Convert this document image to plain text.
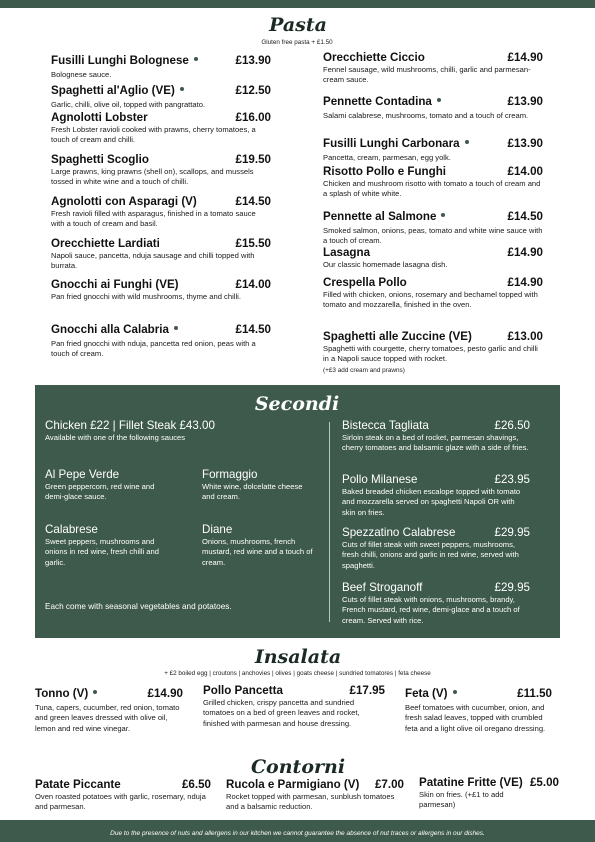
Pasta
Gluten free pasta + £1.50
Fusilli Lunghi Bolognese	£13.90
Bolognese sauce.
Spaghetti al'Aglio (VE)	£12.50
Garlic, chilli, olive oil, topped with pangrattato.
Agnolotti Lobster	£16.00
Fresh Lobster ravioli cooked with prawns, cherry tomatoes, a touch of cream and chilli.
Spaghetti Scoglio	£19.50
Large prawns, king prawns (shell on), scallops, and mussels tossed in white wine and a touch of chilli.
Agnolotti con Asparagi (V)	£14.50
Fresh ravioli filled with asparagus, finished in a tomato sauce with a touch of cream and basil.
Orecchiette Lardiati	£15.50
Napoli sauce, pancetta, nduja sausage and chilli topped with burrata.
Gnocchi ai Funghi (VE)	£14.00
Pan fried gnocchi with wild mushrooms, thyme and chilli.
Gnocchi alla Calabria	£14.50
Pan fried gnocchi with nduja, pancetta red onion, peas with a touch of cream.
Orecchiette Ciccio	£14.90
Fennel sausage, wild mushrooms, chilli, garlic and parmesan-cream sauce.
Pennette Contadina	£13.90
Salami calabrese, mushrooms, tomato and a touch of cream.
Fusilli Lunghi Carbonara	£13.90
Pancetta, cream, parmesan, egg yolk.
Risotto Pollo e Funghi	£14.00
Chicken and mushroom risotto with tomato a touch of cream and a splash of white white.
Pennette al Salmone	£14.50
Smoked salmon, onions, peas, tomato and white wine sauce with a touch of cream.
Lasagna	£14.90
Our classic homemade lasagna dish.
Crespella Pollo	£14.90
Filled with chicken, onions, rosemary and bechamel topped with tomato and mozzarella, finished in the oven.
Spaghetti alle Zuccine (VE)	£13.00
Spaghetti with courgette, cherry tomatoes, pesto garlic and chilli in a Napoli sauce topped with rocket.
(+£3 add cream and prawns)
Secondi
Chicken £22 | Fillet Steak £43.00
Available with one of the following sauces
Al Pepe Verde
Green peppercorn, red wine and demi-glace sauce.
Formaggio
White wine, dolcelatte cheese and cream.
Calabrese
Sweet peppers, mushrooms and onions in red wine, fresh chilli and garlic.
Diane
Onions, mushrooms, french mustard, red wine and a touch of cream.
Each come with seasonal vegetables and potatoes.
Bistecca Tagliata	£26.50
Sirloin steak on a bed of rocket, parmesan shavings, cherry tomatoes and balsamic glaze with a side of fries.
Pollo Milanese	£23.95
Baked breaded chicken escalope topped with tomato and mozzarella served on spaghetti Napoli OR with skin on fries.
Spezzatino Calabrese	£29.95
Cuts of fillet steak with sweet peppers, mushrooms, fresh chilli, onions and garlic in red wine, served with spaghetti.
Beef Stroganoff	£29.95
Cuts of fillet steak with onions, mushrooms, brandy, French mustard, red wine, demi-glace and a touch of cream. Served with rice.
Insalata
+ £2 boiled egg | croutons | anchovies | olives | goats cheese | sundried tomatores | feta cheese
Tonno (V)	£14.90
Tuna, capers, cucumber, red onion, tomato and green leaves dressed with olive oil, lemon and red wine vinegar.
Pollo Pancetta	£17.95
Grilled chicken, crispy pancetta and sundried tomatoes on a bed of green leaves and rocket, finished with parmesan and house dressing.
Feta (V)	£11.50
Beef tomatoes with cucumber, onion, and fresh salad leaves, topped with crumbled feta and a light olive oil oregano dressing.
Contorni
Patate Piccante	£6.50
Oven roasted potatoes with garlic, rosemary, nduja and parmesan.
Rucola e Parmigiano (V) £7.00
Rocket topped with parmesan, sunblush tomatoes and a balsamic reduction.
Patatine Fritte (VE) £5.00
Skin on fries. (+£1 to add parmesan)
Due to the presence of nuts and allergens in our kitchen we cannot guarantee the absence of nut traces or allergens in our dishes.
